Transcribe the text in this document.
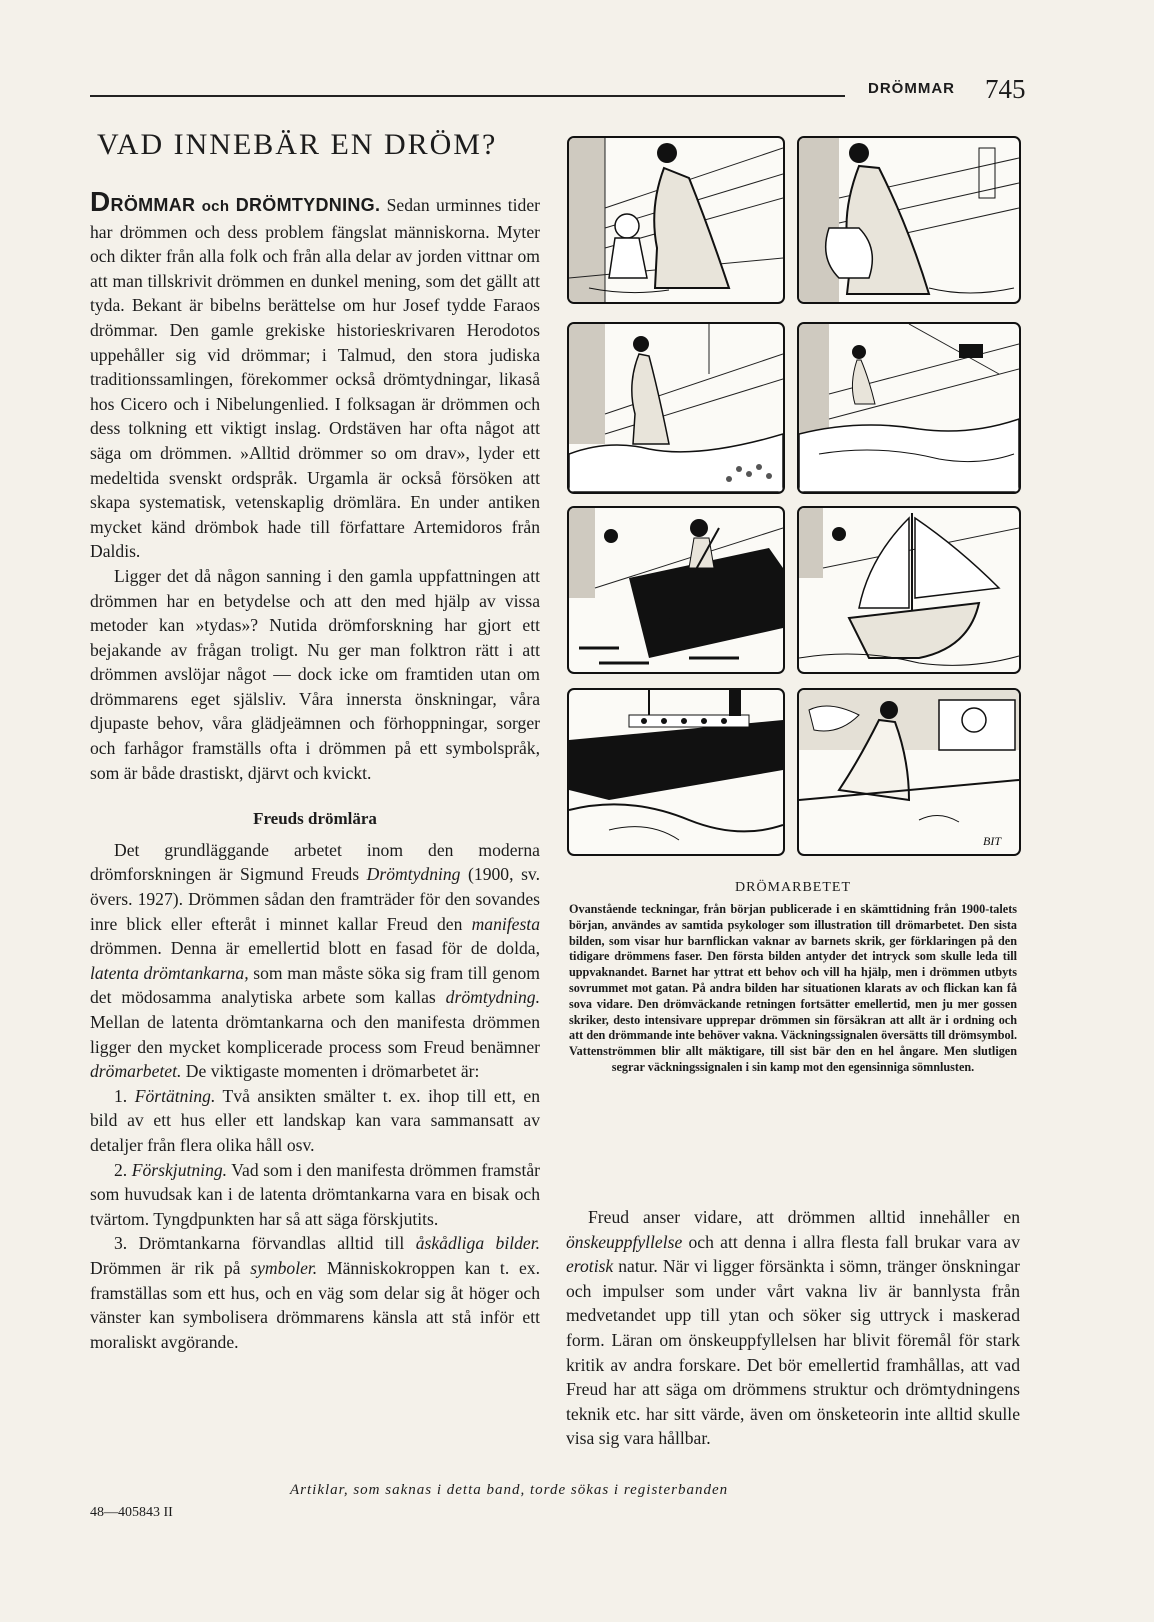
DRÖMMAR 745
VAD INNEBÄR EN DRÖM?

DRÖMMAR och DRÖMTYDNING. Sedan urminnes tider har drömmen och dess problem fängslat människorna. Myter och dikter från alla folk och från alla delar av jorden vittnar om att man tillskrivit drömmen en dunkel mening, som det gällt att tyda. Bekant är bibelns berättelse om hur Josef tydde Faraos drömmar. Den gamle grekiske historieskrivaren Herodotos uppehåller sig vid drömmar; i Talmud, den stora judiska traditionssamlingen, förekommer också drömtydningar, likaså hos Cicero och i Nibelungenlied. I folksagan är drömmen och dess tolkning ett viktigt inslag. Ordstäven har ofta något att säga om drömmen. »Alltid drömmer so om drav», lyder ett medeltida svenskt ordspråk. Urgamla är också försöken att skapa systematisk, vetenskaplig drömlära. En under antiken mycket känd drömbok hade till författare Artemidoros från Daldis.

Ligger det då någon sanning i den gamla uppfattningen att drömmen har en betydelse och att den med hjälp av vissa metoder kan »tydas»? Nutida drömforskning har gjort ett bejakande av frågan troligt. Nu ger man folktron rätt i att drömmen avslöjar något — dock icke om framtiden utan om drömmarens eget själsliv. Våra innersta önskningar, våra djupaste behov, våra glädjeämnen och förhoppningar, sorger och farhågor framställs ofta i drömmen på ett symbolspråk, som är både drastiskt, djärvt och kvickt.

Freuds drömlära

Det grundläggande arbetet inom den moderna drömforskningen är Sigmund Freuds Drömtydning (1900, sv. övers. 1927). Drömmen sådan den framträder för den sovandes inre blick eller efteråt i minnet kallar Freud den manifesta drömmen. Denna är emellertid blott en fasad för de dolda, latenta drömtankarna, som man måste söka sig fram till genom det mödosamma analytiska arbete som kallas drömtydning. Mellan de latenta drömtankarna och den manifesta drömmen ligger den mycket komplicerade process som Freud benämner drömarbetet. De viktigaste momenten i drömarbetet är:

1. Förtätning. Två ansikten smälter t. ex. ihop till ett, en bild av ett hus eller ett landskap kan vara sammansatt av detaljer från flera olika håll osv.

2. Förskjutning. Vad som i den manifesta drömmen framstår som huvudsak kan i de latenta drömtankarna vara en bisak och tvärtom. Tyngdpunkten har så att säga förskjutits.

3. Drömtankarna förvandlas alltid till åskådliga bilder. Drömmen är rik på symboler. Människokroppen kan t. ex. framställas som ett hus, och en väg som delar sig åt höger och vänster kan symbolisera drömmarens känsla att stå inför ett moraliskt avgörande.

BIT
DRÖMARBETET
Ovanstående teckningar, från början publicerade i en skämttidning från 1900-talets början, användes av samtida psykologer som illustration till drömarbetet. Den sista bilden, som visar hur barnflickan vaknar av barnets skrik, ger förklaringen på den tidigare drömmens faser. Den första bilden antyder det intryck som skulle leda till uppvaknandet. Barnet har yttrat ett behov och vill ha hjälp, men i drömmen utbyts sovrummet mot gatan. På andra bilden har situationen klarats av och flickan kan få sova vidare. Den drömväckande retningen fortsätter emellertid, men ju mer gossen skriker, desto intensivare upprepar drömmen sin försäkran att allt är i ordning och att den drömmande inte behöver vakna. Väckningssignalen översätts till drömsymbol. Vattenströmmen blir allt mäktigare, till sist bär den en hel ångare. Men slutligen segrar väckningssignalen i sin kamp mot den egensinniga sömnlusten.

Freud anser vidare, att drömmen alltid innehåller en önskeuppfyllelse och att denna i allra flesta fall brukar vara av erotisk natur. När vi ligger försänkta i sömn, tränger önskningar och impulser som under vårt vakna liv är bannlysta från medvetandet upp till ytan och söker sig uttryck i maskerad form. Läran om önskeuppfyllelsen har blivit föremål för stark kritik av andra forskare. Det bör emellertid framhållas, att vad Freud har att säga om drömmens struktur och drömtydningens teknik etc. har sitt värde, även om önsketeorin inte alltid skulle visa sig vara hållbar.

Artiklar, som saknas i detta band, torde sökas i registerbanden
48—405843 II
